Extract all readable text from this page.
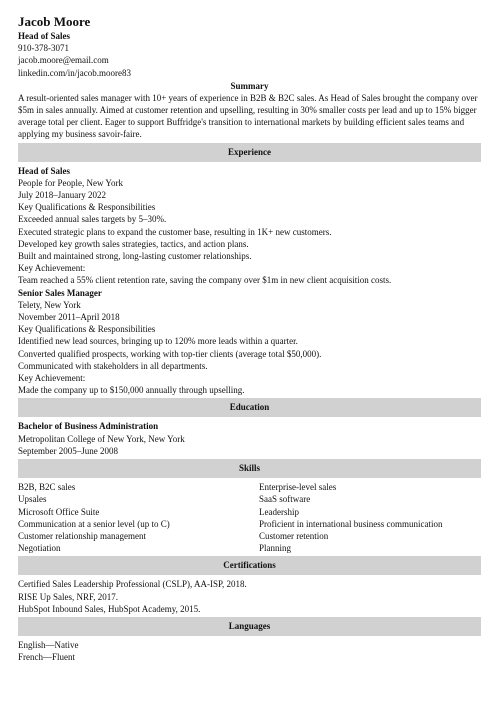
Jacob Moore
Head of Sales
910-378-3071
jacob.moore@email.com
linkedin.com/in/jacob.moore83
Summary
A result-oriented sales manager with 10+ years of experience in B2B & B2C sales. As Head of Sales brought the company over $5m in sales annually. Aimed at customer retention and upselling, resulting in 30% smaller costs per lead and up to 15% bigger average total per client. Eager to support Buffridge's transition to international markets by building efficient sales teams and applying my business savoir-faire.
Experience
Head of Sales
People for People, New York
July 2018–January 2022
Key Qualifications & Responsibilities
Exceeded annual sales targets by 5–30%.
Executed strategic plans to expand the customer base, resulting in 1K+ new customers.
Developed key growth sales strategies, tactics, and action plans.
Built and maintained strong, long-lasting customer relationships.
Key Achievement:
Team reached a 55% client retention rate, saving the company over $1m in new client acquisition costs.
Senior Sales Manager
Telety, New York
November 2011–April 2018
Key Qualifications & Responsibilities
Identified new lead sources, bringing up to 120% more leads within a quarter.
Converted qualified prospects, working with top-tier clients (average total $50,000).
Communicated with stakeholders in all departments.
Key Achievement:
Made the company up to $150,000 annually through upselling.
Education
Bachelor of Business Administration
Metropolitan College of New York, New York
September 2005–June 2008
Skills
B2B, B2C sales	Enterprise-level sales
Upsales	SaaS software
Microsoft Office Suite	Leadership
Communication at a senior level (up to C)	Proficient in international business communication
Customer relationship management	Customer retention
Negotiation	Planning
Certifications
Certified Sales Leadership Professional (CSLP), AA-ISP, 2018.
RISE Up Sales, NRF, 2017.
HubSpot Inbound Sales, HubSpot Academy, 2015.
Languages
English—Native
French—Fluent
